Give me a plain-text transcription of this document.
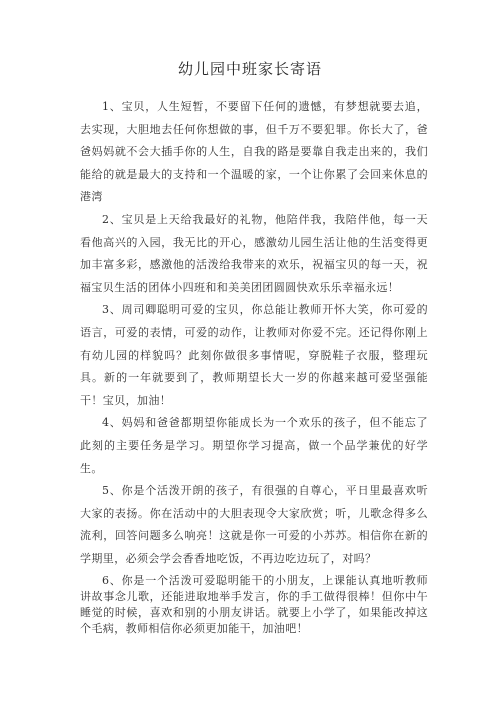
幼儿园中班家长寄语

1、宝贝，人生短暂，不要留下任何的遗憾，有梦想就要去追，去实现，大胆地去任何你想做的事，但千万不要犯罪。你长大了，爸爸妈妈就不会大插手你的人生，自我的路是要靠自我走出来的，我们能给的就是最大的支持和一个温暖的家，一个让你累了会回来休息的港湾

2、宝贝是上天给我最好的礼物，他陪伴我，我陪伴他，每一天看他高兴的入园，我无比的开心，感激幼儿园生活让他的生活变得更加丰富多彩，感激他的活泼给我带来的欢乐，祝福宝贝的每一天，祝福宝贝生活的团体小四班和和美美团团圆圆快欢乐乐幸福永远！

3、周司卿聪明可爱的宝贝，你总能让教师开怀大笑，你可爱的语言，可爱的表情，可爱的动作，让教师对你爱不完。还记得你刚上有幼儿园的样貌吗？此刻你做很多事情呢，穿脱鞋子衣服，整理玩具。新的一年就要到了，教师期望长大一岁的你越来越可爱坚强能干！宝贝，加油！

4、妈妈和爸爸都期望你能成长为一个欢乐的孩子，但不能忘了此刻的主要任务是学习。期望你学习提高，做一个品学兼优的好学生。

5、你是个活泼开朗的孩子，有很强的自尊心，平日里最喜欢听大家的表扬。你在活动中的大胆表现令大家欣赏；听，儿歌念得多么流利，回答问题多么响亮！这就是你一可爱的小苏苏。相信你在新的学期里，必须会学会香香地吃饭，不再边吃边玩了，对吗？

6、你是一个活泼可爱聪明能干的小朋友，上课能认真地听教师讲故事念儿歌，还能进取地举手发言，你的手工做得很棒！但你中午睡觉的时候，喜欢和别的小朋友讲话。就要上小学了，如果能改掉这个毛病，教师相信你必须更加能干，加油吧！
